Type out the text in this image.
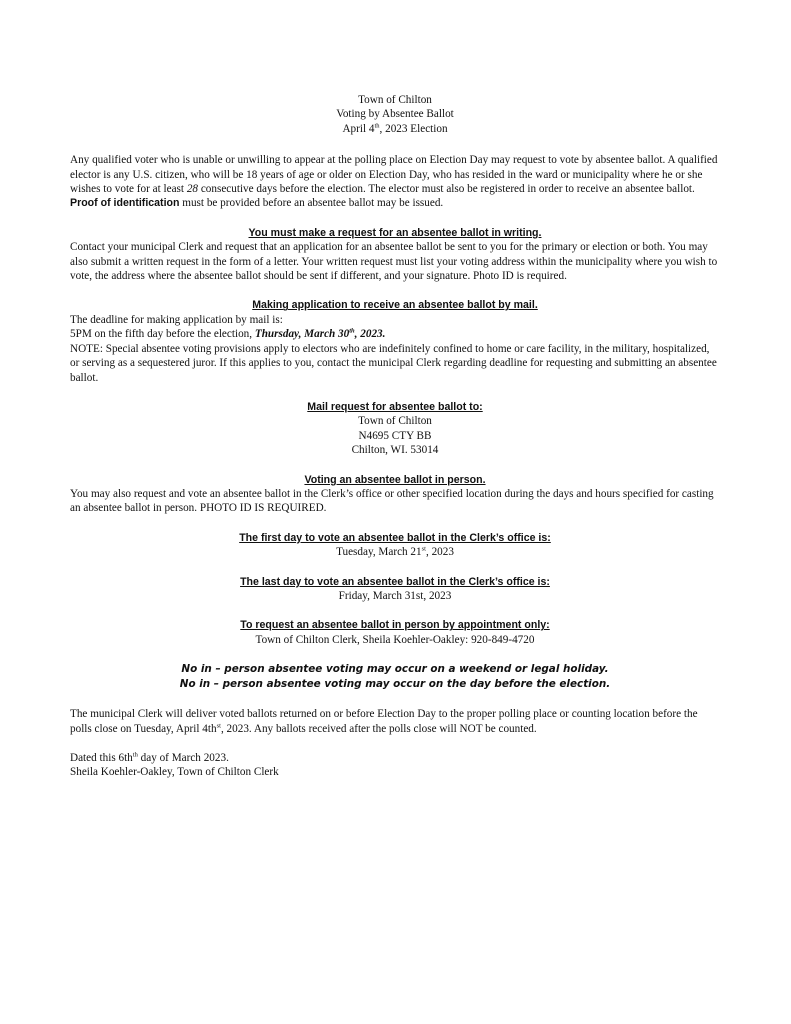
Town of Chilton
Voting by Absentee Ballot
April 4th, 2023 Election

Any qualified voter who is unable or unwilling to appear at the polling place on Election Day may request to vote by absentee ballot. A qualified elector is any U.S. citizen, who will be 18 years of age or older on Election Day, who has resided in the ward or municipality where he or she wishes to vote for at least 28 consecutive days before the election. The elector must also be registered in order to receive an absentee ballot. Proof of identification must be provided before an absentee ballot may be issued.

You must make a request for an absentee ballot in writing.

Contact your municipal Clerk and request that an application for an absentee ballot be sent to you for the primary or election or both. You may also submit a written request in the form of a letter. Your written request must list your voting address within the municipality where you wish to vote, the address where the absentee ballot should be sent if different, and your signature. Photo ID is required.

Making application to receive an absentee ballot by mail.

The deadline for making application by mail is:

5PM on the fifth day before the election, Thursday, March 30th, 2023.

NOTE: Special absentee voting provisions apply to electors who are indefinitely confined to home or care facility, in the military, hospitalized, or serving as a sequestered juror. If this applies to you, contact the municipal Clerk regarding deadline for requesting and submitting an absentee ballot.

Mail request for absentee ballot to:
Town of Chilton
N4695 CTY BB
Chilton, WI. 53014
Voting an absentee ballot in person.

You may also request and vote an absentee ballot in the Clerk’s office or other specified location during the days and hours specified for casting an absentee ballot in person. PHOTO ID IS REQUIRED.

The first day to vote an absentee ballot in the Clerk’s office is:
Tuesday, March 21st, 2023
The last day to vote an absentee ballot in the Clerk’s office is:
Friday, March 31st, 2023
To request an absentee ballot in person by appointment only:
Town of Chilton Clerk, Sheila Koehler-Oakley: 920-849-4720
No in – person absentee voting may occur on a weekend or legal holiday.
No in – person absentee voting may occur on the day before the election.

The municipal Clerk will deliver voted ballots returned on or before Election Day to the proper polling place or counting location before the polls close on Tuesday, April $4th^{st}$, 2023. Any ballots received after the polls close will NOT be counted.

Dated this $6th^{th}$ day of March 2023.

Sheila Koehler-Oakley, Town of Chilton Clerk
